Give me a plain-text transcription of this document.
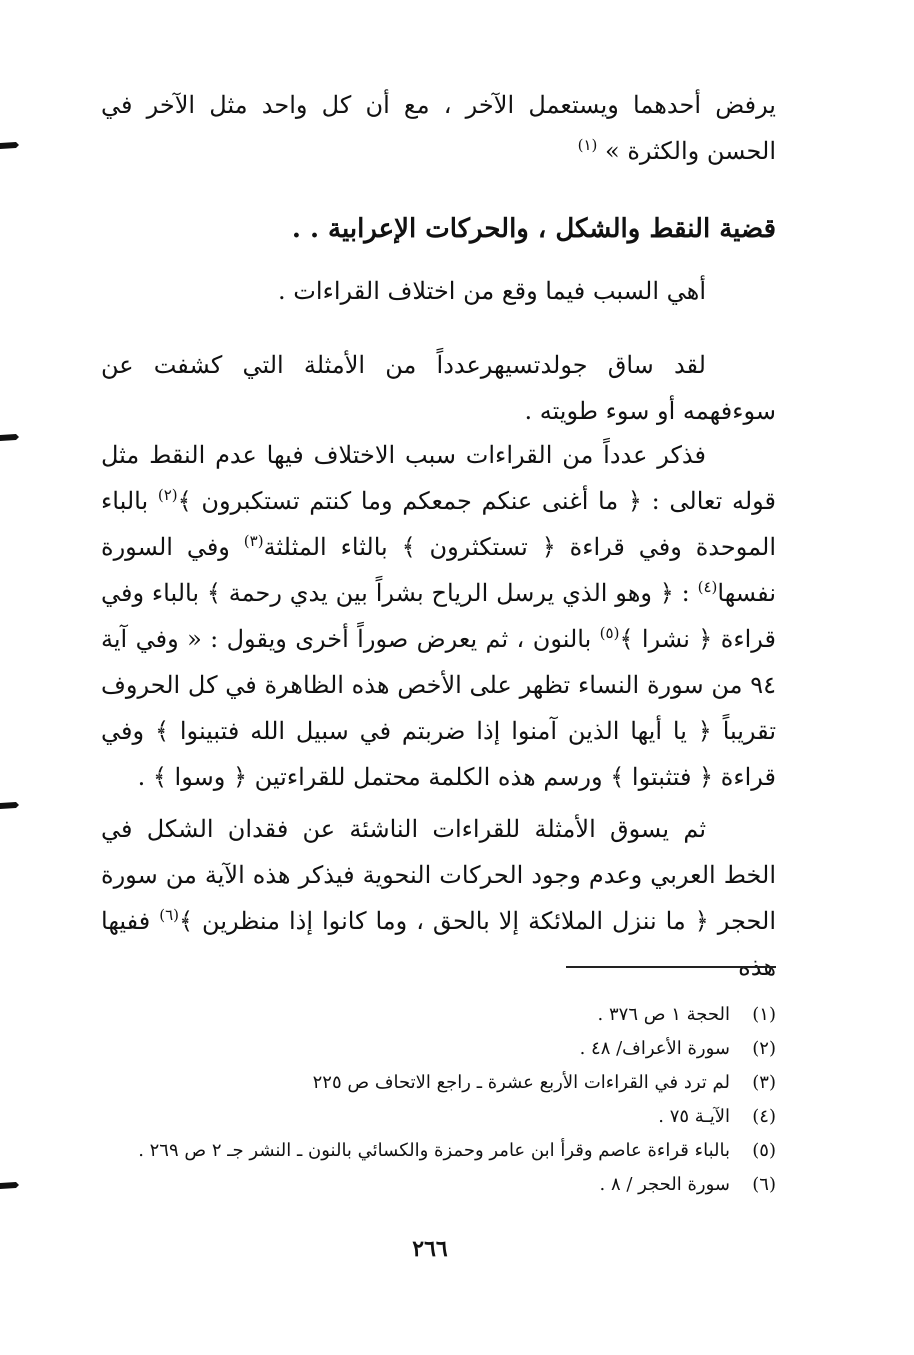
يرفض أحدهما ويستعمل الآخر ، مع أن كل واحد مثل الآخر في الحسن والكثرة » $^{(١)}$

قضية النقط والشكل ، والحركات الإعرابية . .

أهي السبب فيما وقع من اختلاف القراءات .

لقد ساق جولدتسيهرعدداً من الأمثلة التي كشفت عن سوءفهمه أو سوء طويته .

فذكر عدداً من القراءات سبب الاختلاف فيها عدم النقط مثل قوله تعالى : ﴿ ما أغنى عنكم جمعكم وما كنتم تستكبرون ﴾$^{(٢)}$ بالباء الموحدة وفي قراءة ﴿ تستكثرون ﴾ بالثاء المثلثة$^{(٣)}$ وفي السورة نفسها$^{(٤)}$ : ﴿ وهو الذي يرسل الرياح بشراً بين يدي رحمة ﴾ بالباء وفي قراءة ﴿ نشرا ﴾$^{(٥)}$ بالنون ، ثم يعرض صوراً أخرى ويقول : « وفي آية ٩٤ من سورة النساء تظهر على الأخص هذه الظاهرة في كل الحروف تقريباً ﴿ يا أيها الذين آمنوا إذا ضربتم في سبيل الله فتبينوا ﴾ وفي قراءة ﴿ فتثبتوا ﴾ ورسم هذه الكلمة محتمل للقراءتين ﴿ وسوا ﴾ .

ثم يسوق الأمثلة للقراءات الناشئة عن فقدان الشكل في الخط العربي وعدم وجود الحركات النحوية فيذكر هذه الآية من سورة الحجر ﴿ ما ننزل الملائكة إلا بالحق ، وما كانوا إذا منظرين ﴾$^{(٦)}$ ففيها هذه

(١)الحجة ١ ص ٣٧٦ .
(٢)سورة الأعراف/ ٤٨ .
(٣)لم ترد في القراءات الأربع عشرة ـ راجع الاتحاف ص ٢٢٥
(٤)الآيـة ٧٥ .
(٥)بالباء قراءة عاصم وقرأ ابن عامر وحمزة والكسائي بالنون ـ النشر جـ ٢ ص ٢٦٩ .
(٦)سورة الحجر / ٨ .
٢٦٦
